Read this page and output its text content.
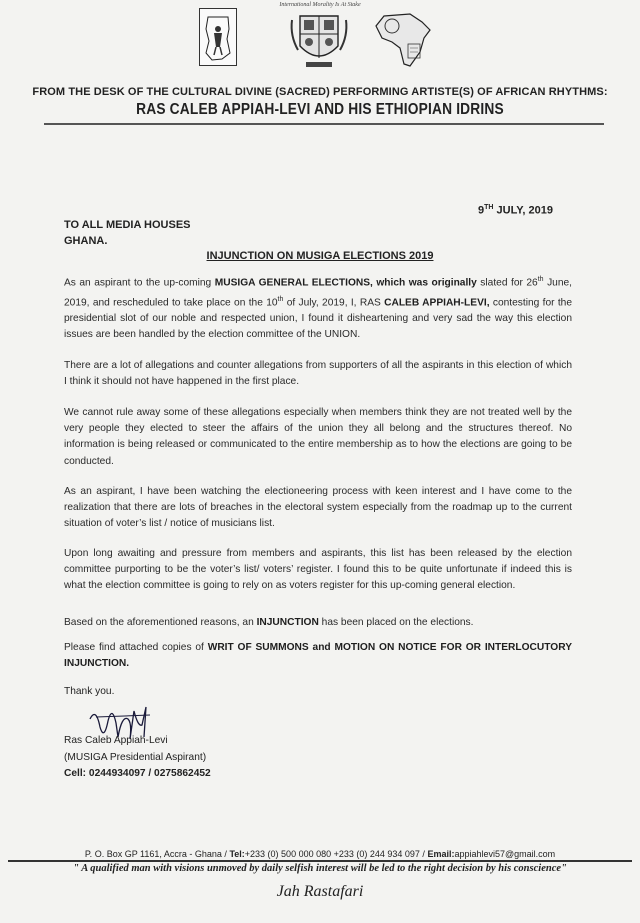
International Morality Is At Stake
FROM THE DESK OF THE CULTURAL DIVINE (SACRED) PERFORMING ARTISTE(S) OF AFRICAN RHYTHMS:
RAS CALEB APPIAH-LEVI AND HIS ETHIOPIAN IDRINS
9TH JULY, 2019
TO ALL MEDIA HOUSES
GHANA.
INJUNCTION ON MUSIGA ELECTIONS 2019
As an aspirant to the up-coming MUSIGA GENERAL ELECTIONS, which was originally slated for 26th June, 2019, and rescheduled to take place on the 10th of July, 2019, I, RAS CALEB APPIAH-LEVI, contesting for the presidential slot of our noble and respected union, I found it disheartening and very sad the way this election issues are been handled by the election committee of the UNION.
There are a lot of allegations and counter allegations from supporters of all the aspirants in this election of which I think it should not have happened in the first place.
We cannot rule away some of these allegations especially when members think they are not treated well by the very people they elected to steer the affairs of the union they all belong and the structures thereof. No information is being released or communicated to the entire membership as to how the elections are going to be conducted.
As an aspirant, I have been watching the electioneering process with keen interest and I have come to the realization that there are lots of breaches in the electoral system especially from the roadmap up to the current situation of voter’s list / notice of musicians list.
Upon long awaiting and pressure from members and aspirants, this list has been released by the election committee purporting to be the voter’s list/ voters’ register. I found this to be quite unfortunate if indeed this is what the election committee is going to rely on as voters register for this up-coming general election.
Based on the aforementioned reasons, an INJUNCTION has been placed on the elections.
Please find attached copies of WRIT OF SUMMONS and MOTION ON NOTICE FOR OR INTERLOCUTORY INJUNCTION.
Thank you.
Ras Caleb Appiah-Levi
(MUSIGA Presidential Aspirant)
Cell: 0244934097 / 0275862452
P. O. Box GP 1161, Accra - Ghana / Tel:+233 (0) 500 000 080 +233 (0) 244 934 097 / Email:appiahlevi57@gmail.com
" A qualified man with visions unmoved by daily selfish interest will be led to the right decision by his conscience"
Jah Rastafari
